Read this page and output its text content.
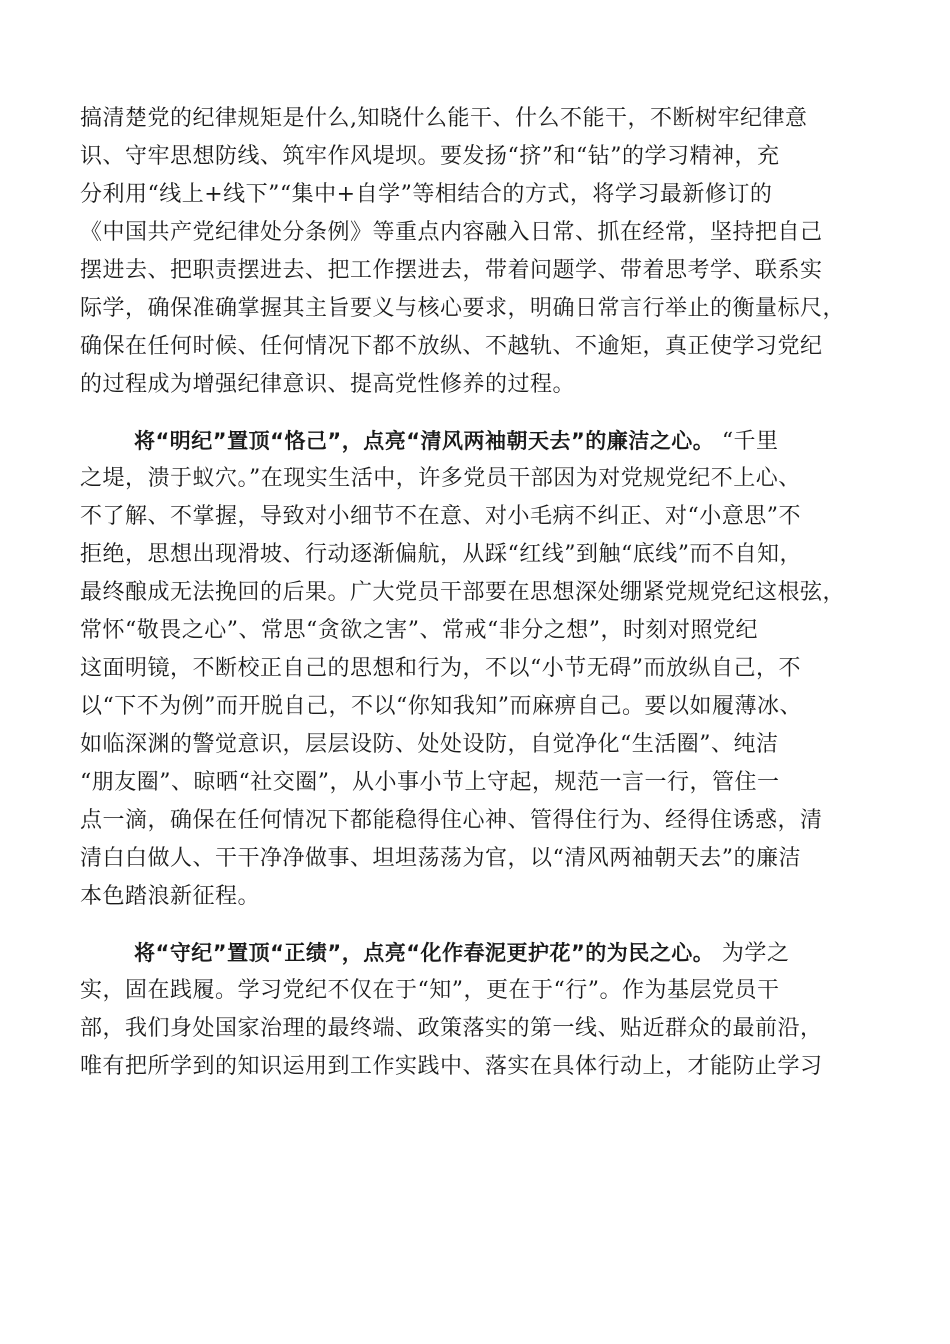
搞清楚党的纪律规矩是什么,知晓什么能干、什么不能干，不断树牢纪律意
识、守牢思想防线、筑牢作风堤坝。要发扬“挤”和“钻”的学习精神，充
分利用“线上+线下”“集中+自学”等相结合的方式，将学习最新修订的
《中国共产党纪律处分条例》等重点内容融入日常、抓在经常，坚持把自己
摆进去、把职责摆进去、把工作摆进去，带着问题学、带着思考学、联系实
际学，确保准确掌握其主旨要义与核心要求，明确日常言行举止的衡量标尺，
确保在任何时候、任何情况下都不放纵、不越轨、不逾矩，真正使学习党纪
的过程成为增强纪律意识、提高党性修养的过程。
将“明纪”置顶“恪己”，点亮“清风两袖朝天去”的廉洁之心。 “千里
之堤，溃于蚁穴。”在现实生活中，许多党员干部因为对党规党纪不上心、
不了解、不掌握，导致对小细节不在意、对小毛病不纠正、对“小意思”不
拒绝，思想出现滑坡、行动逐渐偏航，从踩“红线”到触“底线”而不自知，
最终酿成无法挽回的后果。广大党员干部要在思想深处绷紧党规党纪这根弦，
常怀“敬畏之心”、常思“贪欲之害”、常戒“非分之想”，时刻对照党纪
这面明镜，不断校正自己的思想和行为，不以“小节无碍”而放纵自己，不
以“下不为例”而开脱自己，不以“你知我知”而麻痹自己。要以如履薄冰、
如临深渊的警觉意识，层层设防、处处设防，自觉净化“生活圈”、纯洁
“朋友圈”、晾晒“社交圈”，从小事小节上守起，规范一言一行，管住一
点一滴，确保在任何情况下都能稳得住心神、管得住行为、经得住诱惑，清
清白白做人、干干净净做事、坦坦荡荡为官，以“清风两袖朝天去”的廉洁
本色踏浪新征程。
将“守纪”置顶“正绩”，点亮“化作春泥更护花”的为民之心。 为学之
实，固在践履。学习党纪不仅在于“知”，更在于“行”。作为基层党员干
部，我们身处国家治理的最终端、政策落实的第一线、贴近群众的最前沿，
唯有把所学到的知识运用到工作实践中、落实在具体行动上，才能防止学习
